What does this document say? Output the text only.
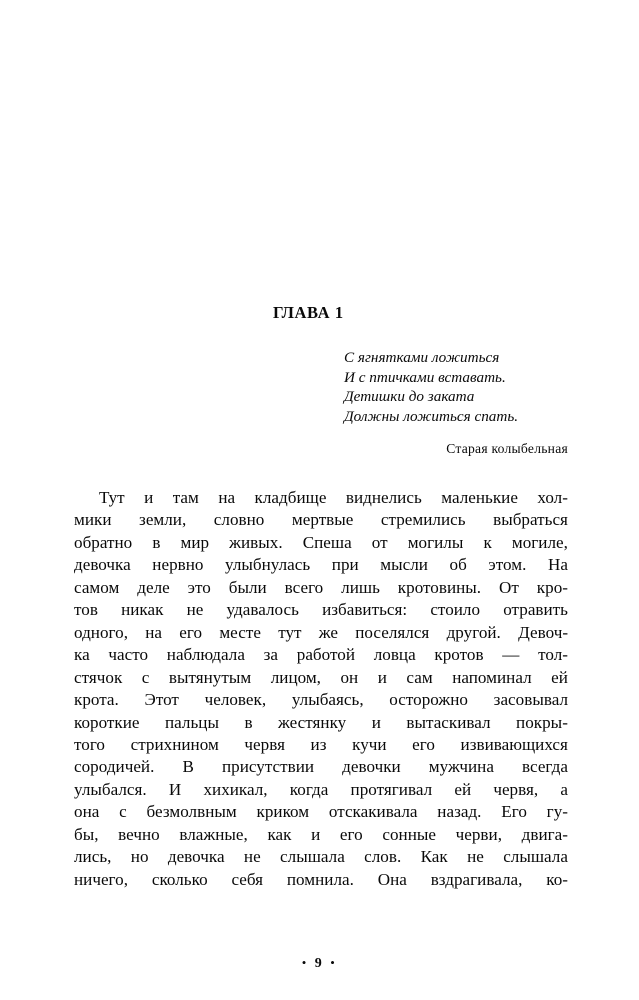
ГЛАВА 1
С ягнятками ложиться
И с птичками вставать.
Детишки до заката
Должны ложиться спать.
Старая колыбельная
Тут и там на кладбище виднелись маленькие хол-
мики земли, словно мертвые стремились выбраться
обратно в мир живых. Спеша от могилы к могиле,
девочка нервно улыбнулась при мысли об этом. На
самом деле это были всего лишь кротовины. От кро-
тов никак не удавалось избавиться: стоило отравить
одного, на его месте тут же поселялся другой. Девоч-
ка часто наблюдала за работой ловца кротов — тол-
стячок с вытянутым лицом, он и сам напоминал ей
крота. Этот человек, улыбаясь, осторожно засовывал
короткие пальцы в жестянку и вытаскивал покры-
того стрихнином червя из кучи его извивающихся
сородичей. В присутствии девочки мужчина всегда
улыбался. И хихикал, когда протягивал ей червя, а
она с безмолвным криком отскакивала назад. Его гу-
бы, вечно влажные, как и его сонные черви, двига-
лись, но девочка не слышала слов. Как не слышала
ничего, сколько себя помнила. Она вздрагивала, ко-
• 9 •
